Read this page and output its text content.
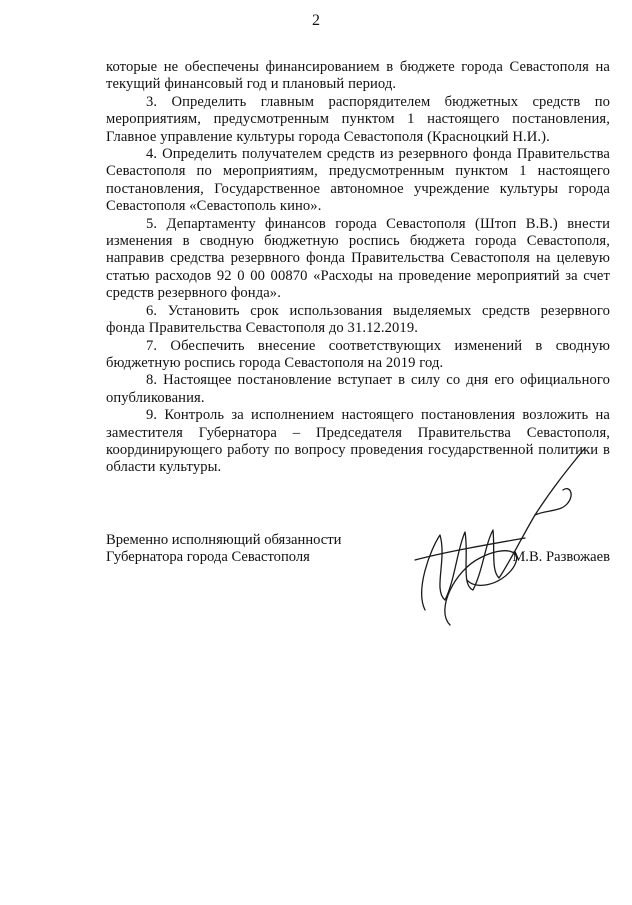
2

которые не обеспечены финансированием в бюджете города Севастополя на текущий финансовый год и плановый период.

3. Определить главным распорядителем бюджетных средств по мероприятиям, предусмотренным пунктом 1 настоящего постановления, Главное управление культуры города Севастополя (Красноцкий Н.И.).

4. Определить получателем средств из резервного фонда Правительства Севастополя по мероприятиям, предусмотренным пунктом 1 настоящего постановления, Государственное автономное учреждение культуры города Севастополя «Севастополь кино».

5. Департаменту финансов города Севастополя (Штоп В.В.) внести изменения в сводную бюджетную роспись бюджета города Севастополя, направив средства резервного фонда Правительства Севастополя на целевую статью расходов 92 0 00 00870 «Расходы на проведение мероприятий за счет средств резервного фонда».

6. Установить срок использования выделяемых средств резервного фонда Правительства Севастополя до 31.12.2019.

7. Обеспечить внесение соответствующих изменений в сводную бюджетную роспись города Севастополя на 2019 год.

8. Настоящее постановление вступает в силу со дня его официального опубликования.

9. Контроль за исполнением настоящего постановления возложить на заместителя Губернатора – Председателя Правительства Севастополя, координирующего работу по вопросу проведения государственной политики в области культуры.

Временно исполняющий обязанности
Губернатора города Севастополя	М.В. Развожаев
